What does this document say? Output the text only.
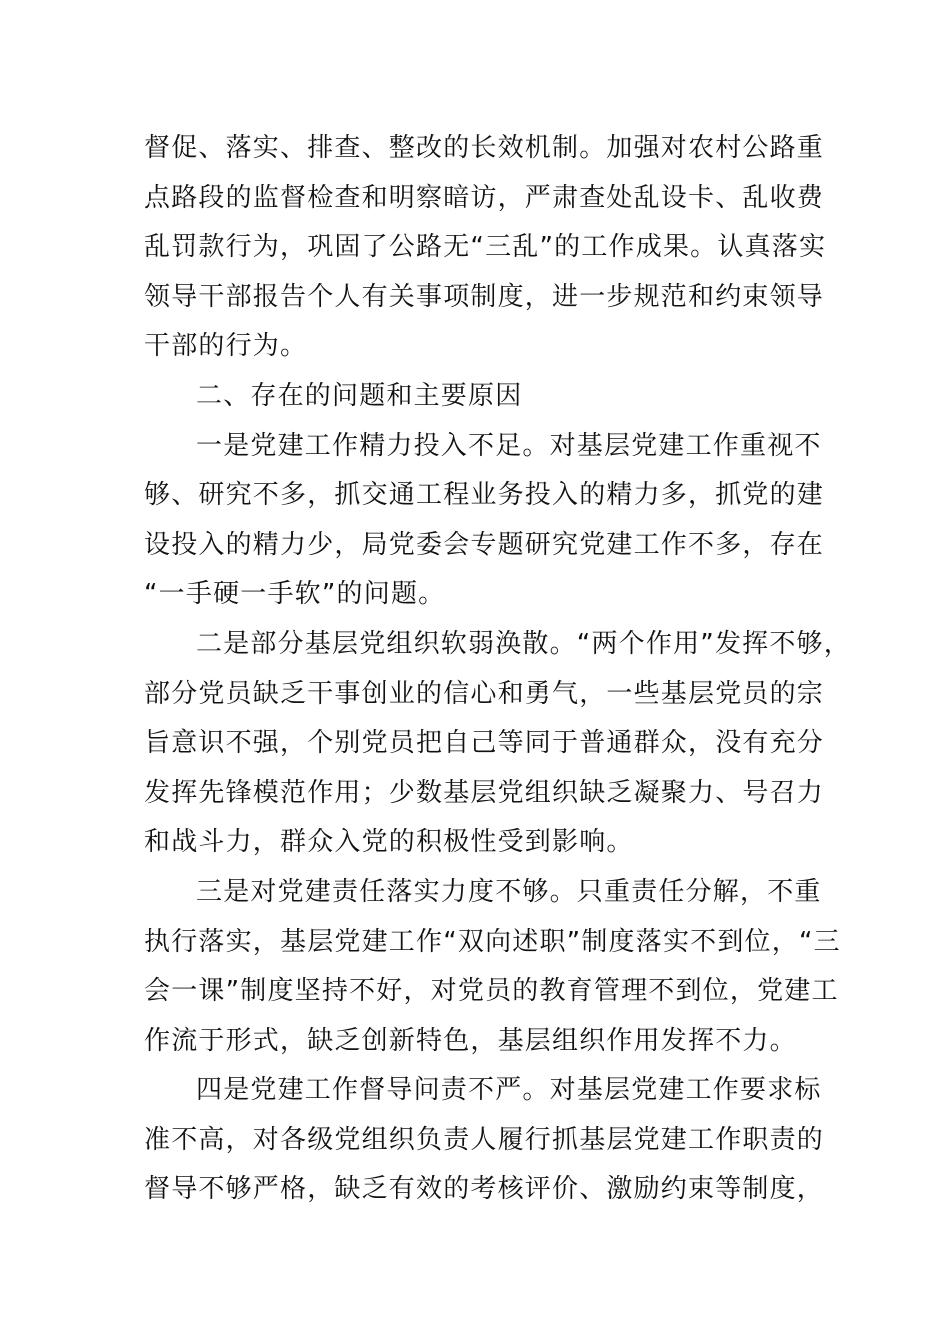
督促、落实、排查、整改的长效机制。加强对农村公路重
点路段的监督检查和明察暗访，严肃查处乱设卡、乱收费
乱罚款行为，巩固了公路无“三乱”的工作成果。认真落实
领导干部报告个人有关事项制度，进一步规范和约束领导
干部的行为。
二、存在的问题和主要原因
一是党建工作精力投入不足。对基层党建工作重视不
够、研究不多，抓交通工程业务投入的精力多，抓党的建
设投入的精力少，局党委会专题研究党建工作不多，存在
“一手硬一手软”的问题。
二是部分基层党组织软弱涣散。“两个作用”发挥不够，
部分党员缺乏干事创业的信心和勇气，一些基层党员的宗
旨意识不强，个别党员把自己等同于普通群众，没有充分
发挥先锋模范作用；少数基层党组织缺乏凝聚力、号召力
和战斗力，群众入党的积极性受到影响。
三是对党建责任落实力度不够。只重责任分解，不重
执行落实，基层党建工作“双向述职”制度落实不到位，“三
会一课”制度坚持不好，对党员的教育管理不到位，党建工
作流于形式，缺乏创新特色，基层组织作用发挥不力。
四是党建工作督导问责不严。对基层党建工作要求标
准不高，对各级党组织负责人履行抓基层党建工作职责的
督导不够严格，缺乏有效的考核评价、激励约束等制度，
